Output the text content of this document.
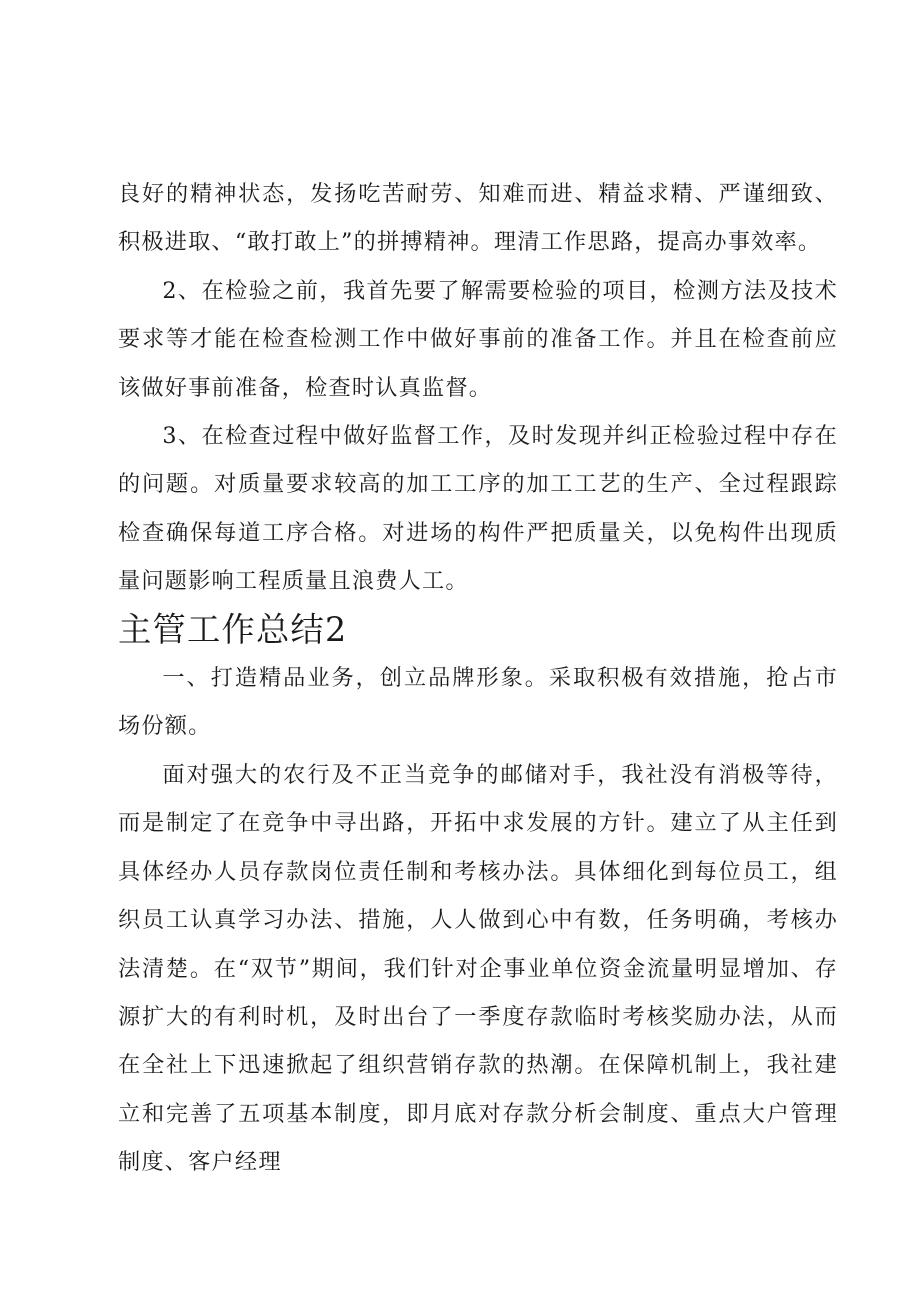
良好的精神状态，发扬吃苦耐劳、知难而进、精益求精、严谨细致、积极进取、“敢打敢上”的拼搏精神。理清工作思路，提高办事效率。

2、在检验之前，我首先要了解需要检验的项目，检测方法及技术要求等才能在检查检测工作中做好事前的准备工作。并且在检查前应该做好事前准备，检查时认真监督。

3、在检查过程中做好监督工作，及时发现并纠正检验过程中存在的问题。对质量要求较高的加工工序的加工工艺的生产、全过程跟踪检查确保每道工序合格。对进场的构件严把质量关，以免构件出现质量问题影响工程质量且浪费人工。

主管工作总结2

一、打造精品业务，创立品牌形象。采取积极有效措施，抢占市场份额。

面对强大的农行及不正当竞争的邮储对手，我社没有消极等待，而是制定了在竞争中寻出路，开拓中求发展的方针。建立了从主任到具体经办人员存款岗位责任制和考核办法。具体细化到每位员工，组织员工认真学习办法、措施，人人做到心中有数，任务明确，考核办法清楚。在“双节”期间，我们针对企事业单位资金流量明显增加、存源扩大的有利时机，及时出台了一季度存款临时考核奖励办法，从而在全社上下迅速掀起了组织营销存款的热潮。在保障机制上，我社建立和完善了五项基本制度，即月底对存款分析会制度、重点大户管理制度、客户经理
